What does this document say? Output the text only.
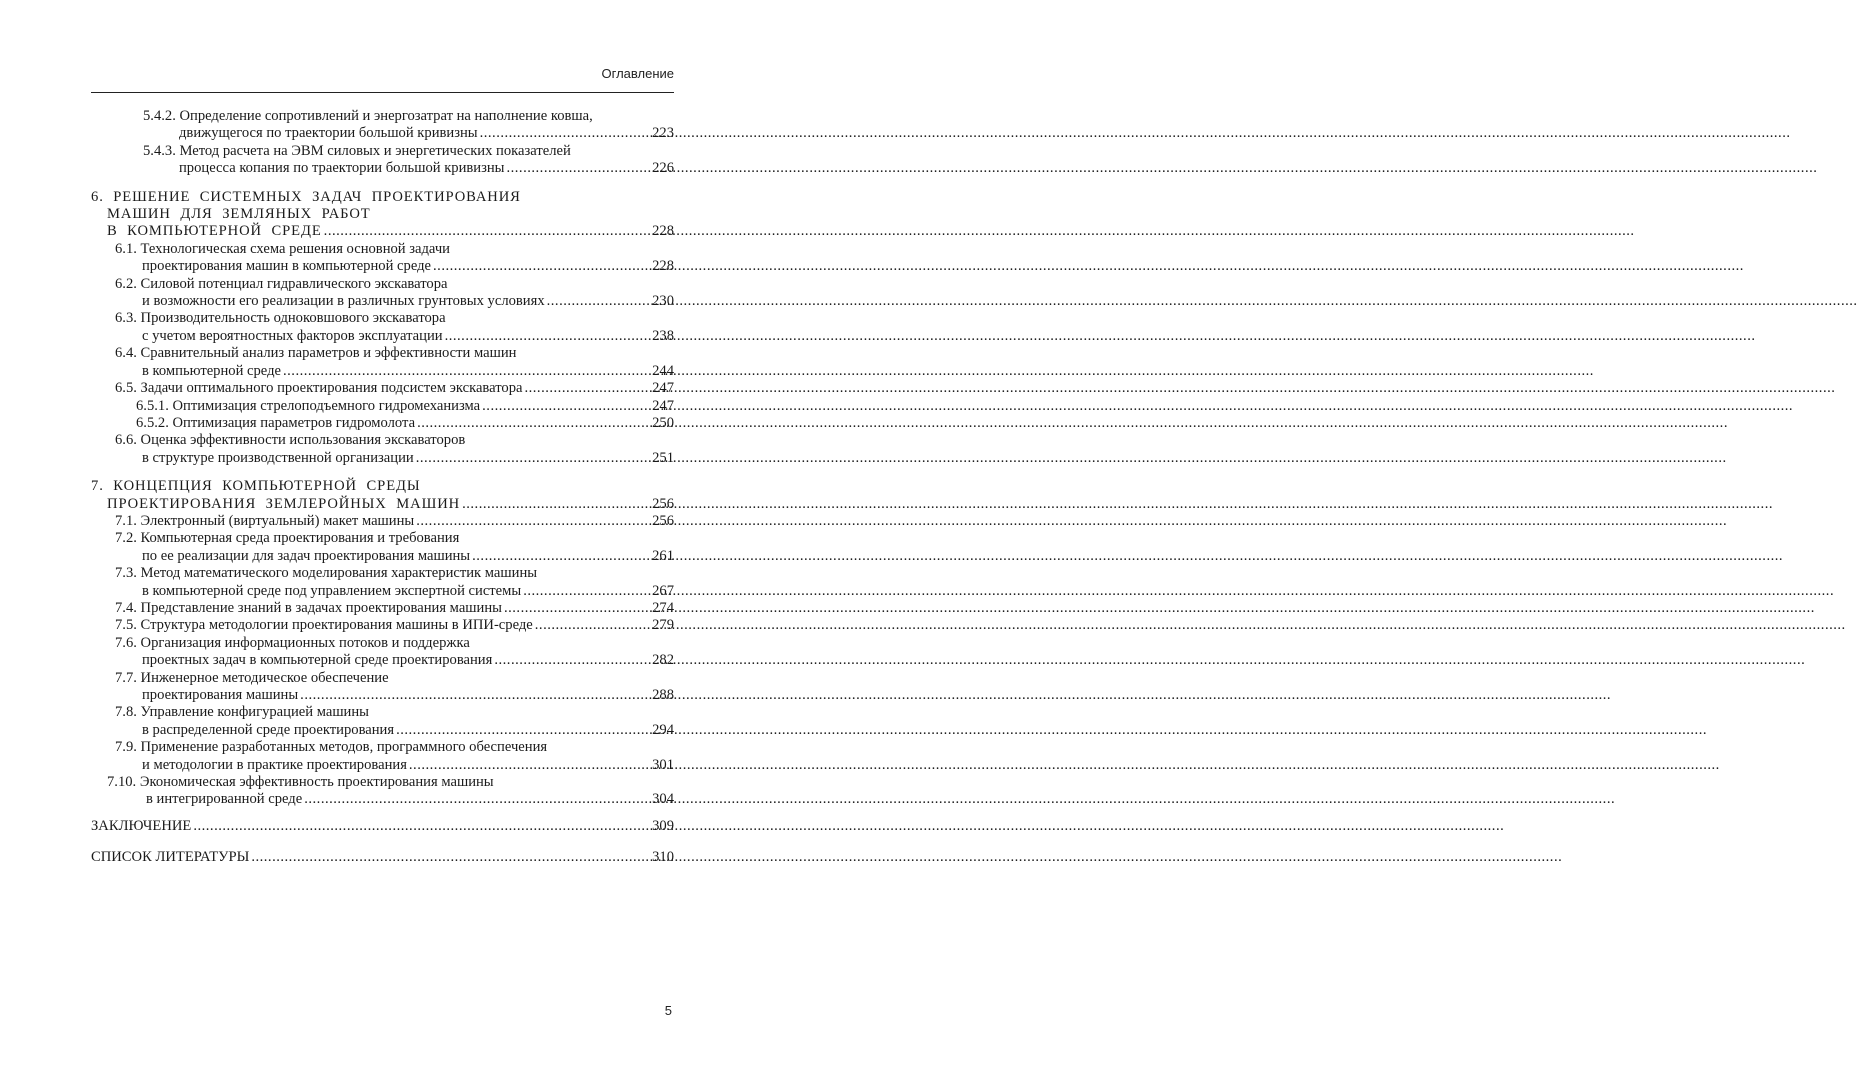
Оглавление
5.4.2. Определение сопротивлений и энергозатрат на наполнение ковша,
движущегося по траектории большой кривизны .....	223
5.4.3. Метод расчета на ЭВМ силовых и энергетических показателей
процесса копания по траектории большой кривизны .....	226
6. РЕШЕНИЕ СИСТЕМНЫХ ЗАДАЧ ПРОЕКТИРОВАНИЯ
МАШИН ДЛЯ ЗЕМЛЯНЫХ РАБОТ
В КОМПЬЮТЕРНОЙ СРЕДЕ .....	228
6.1. Технологическая схема решения основной задачи
проектирования машин в компьютерной среде .....	228
6.2. Силовой потенциал гидравлического экскаватора
и возможности его реализации в различных грунтовых условиях .....	230
6.3. Производительность одноковшового экскаватора
с учетом вероятностных факторов эксплуатации .....	238
6.4. Сравнительный анализ параметров и эффективности машин
в компьютерной среде .....	244
6.5. Задачи оптимального проектирования подсистем экскаватора .....	247
6.5.1. Оптимизация стрелоподъемного гидромеханизма .....	247
6.5.2. Оптимизация параметров гидромолота .....	250
6.6. Оценка эффективности использования экскаваторов
в структуре производственной организации .....	251
7. КОНЦЕПЦИЯ КОМПЬЮТЕРНОЙ СРЕДЫ
ПРОЕКТИРОВАНИЯ ЗЕМЛЕРОЙНЫХ МАШИН .....	256
7.1. Электронный (виртуальный) макет машины .....	256
7.2. Компьютерная среда проектирования и требования
по ее реализации для задач проектирования машины .....	261
7.3. Метод математического моделирования характеристик машины
в компьютерной среде под управлением экспертной системы .....	267
7.4. Представление знаний в задачах проектирования машины .....	274
7.5. Структура методологии проектирования машины в ИПИ-среде .....	279
7.6. Организация информационных потоков и поддержка
проектных задач в компьютерной среде проектирования .....	282
7.7. Инженерное методическое обеспечение
проектирования машины .....	288
7.8. Управление конфигурацией машины
в распределенной среде проектирования .....	294
7.9. Применение разработанных методов, программного обеспечения
и методологии в практике проектирования .....	301
7.10. Экономическая эффективность проектирования машины
в интегрированной среде .....	304
ЗАКЛЮЧЕНИЕ .....	309
СПИСОК ЛИТЕРАТУРЫ .....	310
5
